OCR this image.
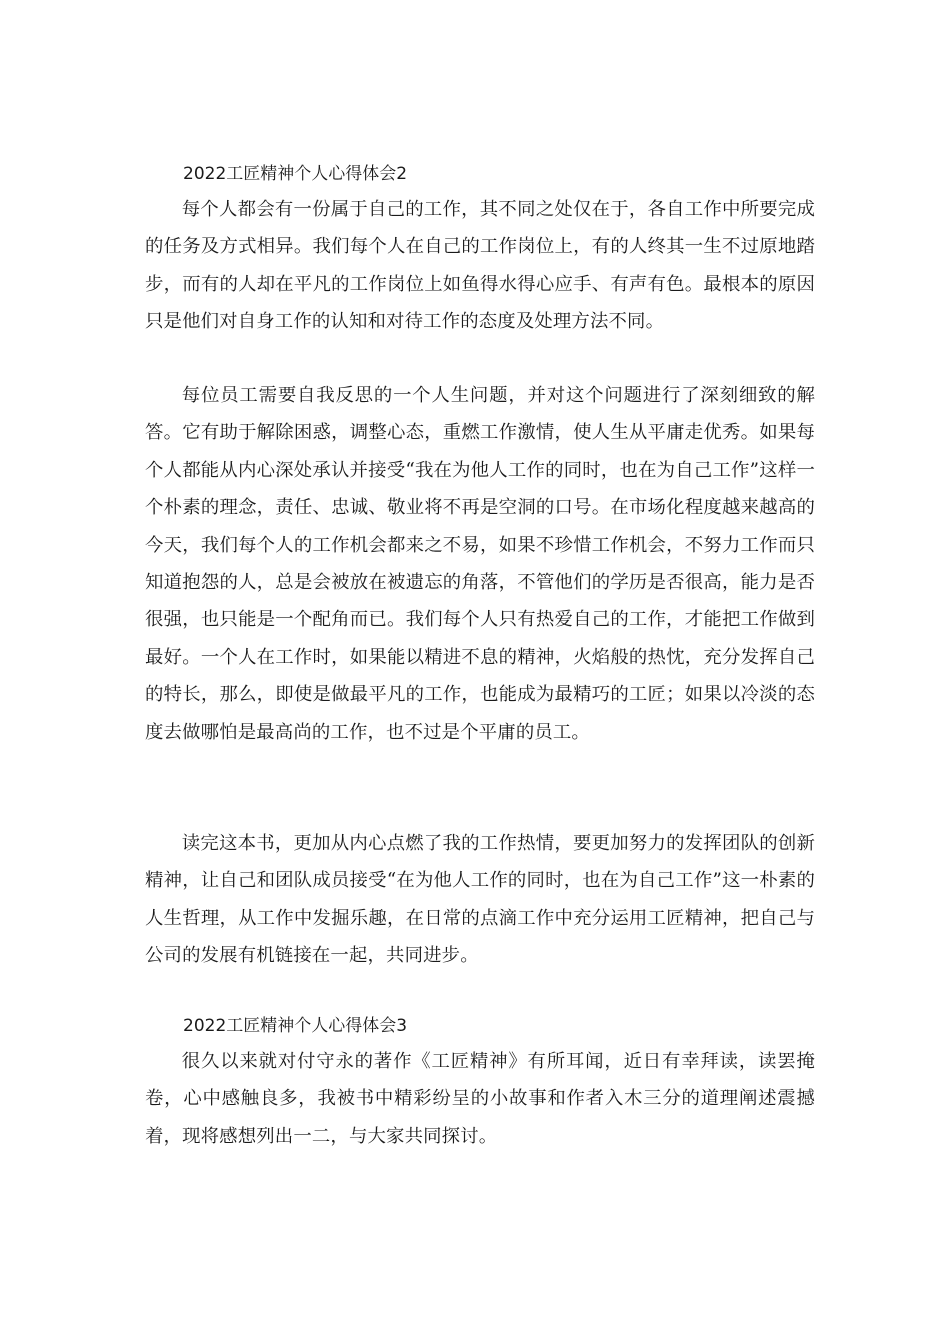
2022工匠精神个人心得体会2
每个人都会有一份属于自己的工作，其不同之处仅在于，各自工作中所要完成的任务及方式相异。我们每个人在自己的工作岗位上，有的人终其一生不过原地踏步，而有的人却在平凡的工作岗位上如鱼得水得心应手、有声有色。最根本的原因只是他们对自身工作的认知和对待工作的态度及处理方法不同。
每位员工需要自我反思的一个人生问题，并对这个问题进行了深刻细致的解答。它有助于解除困惑，调整心态，重燃工作激情，使人生从平庸走优秀。如果每个人都能从内心深处承认并接受“我在为他人工作的同时，也在为自己工作”这样一个朴素的理念，责任、忠诚、敬业将不再是空洞的口号。在市场化程度越来越高的今天，我们每个人的工作机会都来之不易，如果不珍惜工作机会，不努力工作而只知道抱怨的人，总是会被放在被遗忘的角落，不管他们的学历是否很高，能力是否很强，也只能是一个配角而已。我们每个人只有热爱自己的工作，才能把工作做到最好。一个人在工作时，如果能以精进不息的精神，火焰般的热忱，充分发挥自己的特长，那么，即使是做最平凡的工作，也能成为最精巧的工匠；如果以冷淡的态度去做哪怕是最高尚的工作，也不过是个平庸的员工。
读完这本书，更加从内心点燃了我的工作热情，要更加努力的发挥团队的创新精神，让自己和团队成员接受“在为他人工作的同时，也在为自己工作”这一朴素的人生哲理，从工作中发掘乐趣，在日常的点滴工作中充分运用工匠精神，把自己与公司的发展有机链接在一起，共同进步。
2022工匠精神个人心得体会3
很久以来就对付守永的著作《工匠精神》有所耳闻，近日有幸拜读，读罢掩卷，心中感触良多，我被书中精彩纷呈的小故事和作者入木三分的道理阐述震撼着，现将感想列出一二，与大家共同探讨。
